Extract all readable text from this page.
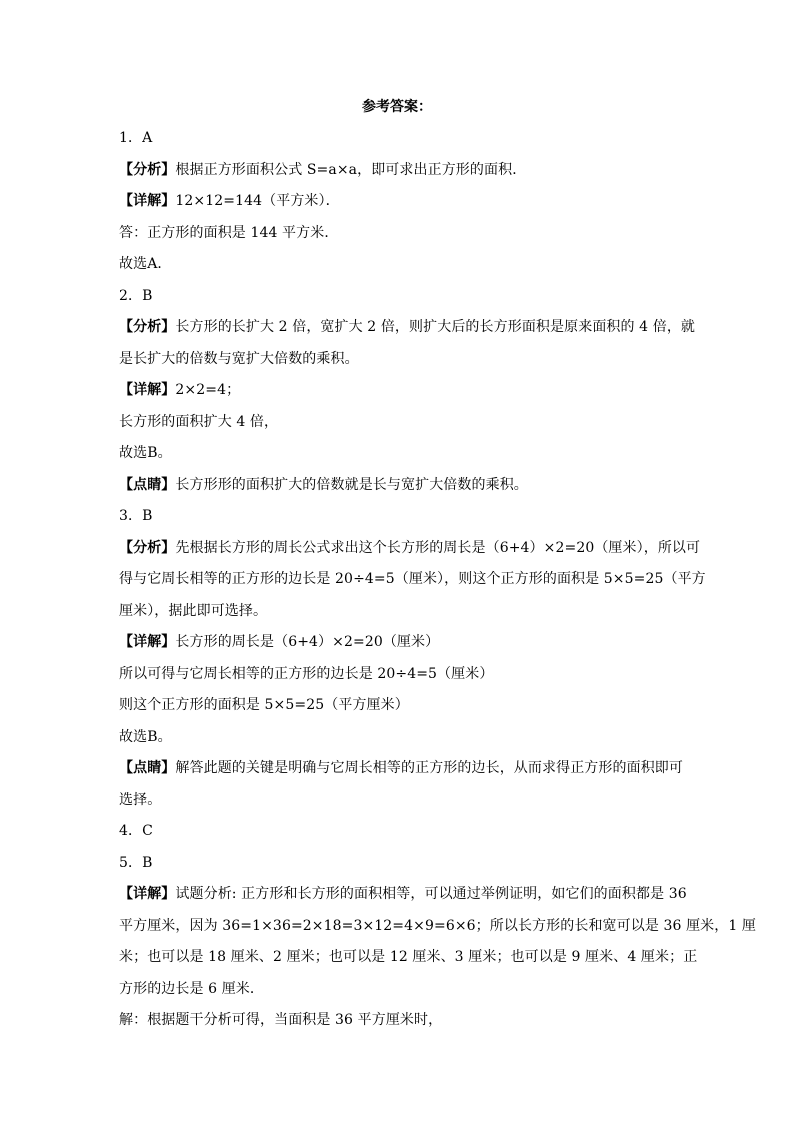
参考答案：
1．A
【分析】根据正方形面积公式 S=a×a，即可求出正方形的面积．
【详解】12×12=144（平方米）．
答：正方形的面积是 144 平方米．
故选A．
2．B
【分析】长方形的长扩大 2 倍，宽扩大 2 倍，则扩大后的长方形面积是原来面积的 4 倍，就
是长扩大的倍数与宽扩大倍数的乘积。
【详解】2×2=4；
长方形的面积扩大 4 倍，
故选B。
【点睛】长方形形的面积扩大的倍数就是长与宽扩大倍数的乘积。
3．B
【分析】先根据长方形的周长公式求出这个长方形的周长是（6+4）×2=20（厘米），所以可
得与它周长相等的正方形的边长是 20÷4=5（厘米），则这个正方形的面积是 5×5=25（平方
厘米），据此即可选择。
【详解】长方形的周长是（6+4）×2=20（厘米）
所以可得与它周长相等的正方形的边长是 20÷4=5（厘米）
则这个正方形的面积是 5×5=25（平方厘米）
故选B。
【点睛】解答此题的关键是明确与它周长相等的正方形的边长，从而求得正方形的面积即可
选择。
4．C
5．B
【详解】试题分析: 正方形和长方形的面积相等，可以通过举例证明，如它们的面积都是 36
平方厘米，因为 36=1×36=2×18=3×12=4×9=6×6；所以长方形的长和宽可以是 36 厘米，1 厘
米；也可以是 18 厘米、2 厘米；也可以是 12 厘米、3 厘米；也可以是 9 厘米、4 厘米；正
方形的边长是 6 厘米．
解：根据题干分析可得，当面积是 36 平方厘米时，
